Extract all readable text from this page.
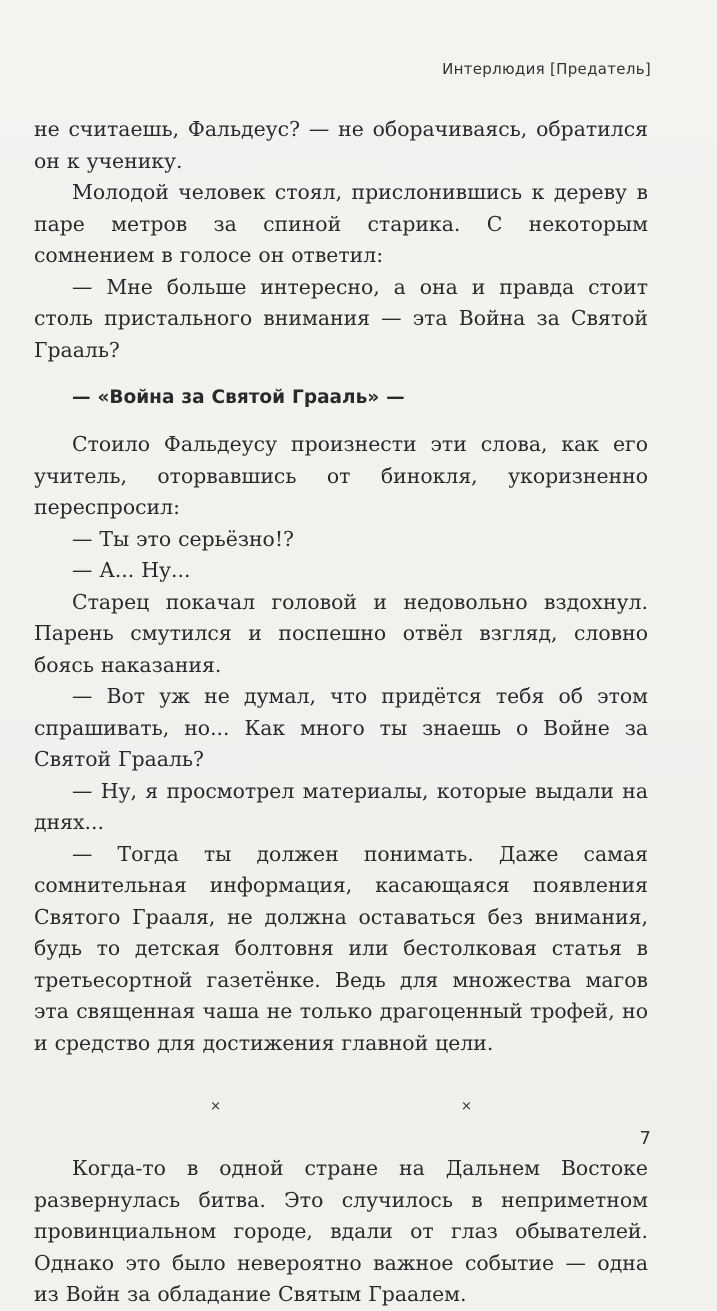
Интерлюдия [Предатель]

не считаешь, Фальдеус? — не оборачиваясь, обратился он к ученику.

Молодой человек стоял, прислонившись к дереву в паре метров за спиной старика. С некоторым сомнением в голосе он ответил:

— Мне больше интересно, а она и правда стоит столь пристального внимания — эта Война за Святой Грааль?

— «Война за Святой Грааль» —

Стоило Фальдеусу произнести эти слова, как его учитель, оторвавшись от бинокля, укоризненно переспросил:

— Ты это серьёзно!?

— А... Ну...

Старец покачал головой и недовольно вздохнул. Парень смутился и поспешно отвёл взгляд, словно боясь наказания.

— Вот уж не думал, что придётся тебя об этом спрашивать, но... Как много ты знаешь о Войне за Святой Грааль?

— Ну, я просмотрел материалы, которые выдали на днях...

— Тогда ты должен понимать. Даже самая сомнительная информация, касающаяся появления Святого Грааля, не должна оставаться без внимания, будь то детская болтовня или бестолковая статья в третьесортной газетёнке. Ведь для множества магов эта священная чаша не только драгоценный трофей, но и средство для достижения главной цели.

×	×

Когда-то в одной стране на Дальнем Востоке развернулась битва. Это случилось в неприметном провинциальном городе, вдали от глаз обывателей. Однако это было невероятно важное событие — одна из Войн за обладание Святым Граалем.

7
